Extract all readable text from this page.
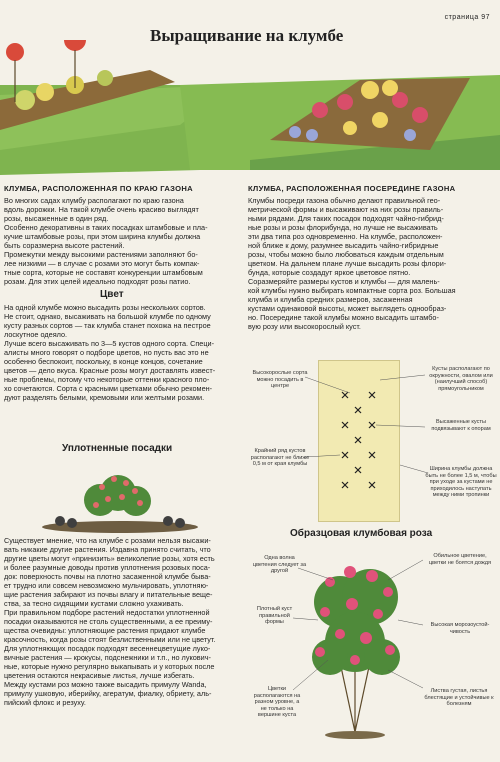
страница 97
Выращивание на клумбе
КЛУМБА, РАСПОЛОЖЕННАЯ ПО КРАЮ ГАЗОНА	КЛУМБА, РАСПОЛОЖЕННАЯ ПОСЕРЕДИНЕ ГАЗОНА

Во многих садах клумбу располагают по краю газона

вдоль дорожки. На такой клумбе очень красиво выглядят

розы, высаженные в один ряд.

Особенно декоративны в таких посадках штамбовые и пла-

кучие штамбовые розы, при этом ширина клумбы должна

быть соразмерна высоте растений.

Промежутки между высокими растениями заполняют бо-

лее низкими — в случае с розами это могут быть компак-

тные сорта, которые не составят конкуренции штамбовым

розам. Для этих целей идеально подходят розы патио.

Цвет

На одной клумбе можно высадить розы нескольких сортов.

Не стоит, однако, высаживать на большой клумбе по одному

кусту разных сортов — так клумба станет похожа на пестрое

лоскутное одеяло.

Лучше всего высаживать по 3—5 кустов одного сорта. Специ-

алисты много говорят о подборе цветов, но пусть вас это не

особенно беспокоит, поскольку, в конце концов, сочетание

цветов — дело вкуса. Красные розы могут доставлять извест-

ные проблемы, потому что некоторые оттенки красного пло-

хо сочетаются. Сорта с красными цветками обычно рекомен-

дуют разделять белыми, кремовыми или желтыми розами.

Уплотненные посадки

Существует мнение, что на клумбе с розами нельзя высажи-

вать никакие другие растения. Издавна принято считать, что

другие цветы могут «принизить» великолепие розы, хотя есть

и более разумные доводы против уплотнения розовых поса-

док: поверхность почвы на плотно засаженной клумбе быва-

ет трудно или совсем невозможно мульчировать, уплотняю-

щие растения забирают из почвы влагу и питательные веще-

ства, за тесно сидящими кустами сложно ухаживать.

При правильном подборе растений недостатки уплотненной

посадки оказываются не столь существенными, а ее преиму-

щества очевидны: уплотняющие растения придают клумбе

красочность, когда розы стоят безлиственными или не цветут.

Для уплотняющих посадок подходят весеннецветущие луко-

вичные растения — крокусы, подснежники и т.п., но лукович-

ные, которые нужно регулярно выкапывать и у которых после

цветения остаются некрасивые листья, лучше избегать.

Между кустами роз можно также высадить примулу Wanda,

примулу ушковую, иберийку, агератум, фиалку, обриету, аль-

пийский флокс и резуху.

Клумбы посреди газона обычно делают правильной гео-

метрической формы и высаживают на них розы правиль-

ными рядами. Для таких посадок подходят чайно-гибрид-

ные розы и розы флорибунда, но лучше не высаживать

эти два типа роз одновременно. На клумбе, расположен-

ной ближе к дому, разумнее высадить чайно-гибридные

розы, чтобы можно было любоваться каждым отдельным

цветком. На дальнем плане лучше высадить розы флори-

бунда, которые создадут яркое цветовое пятно.

Соразмеряйте размеры кустов и клумбы — для малень-

кой клумбы нужно выбирать компактные сорта роз. Большая

клумба и клумба средних размеров, засаженная

кустами одинаковой высоты, может выглядеть однообраз-

но. Посередине такой клумбы можно высадить штамбо-

вую розу или высокорослый куст.

Высокорослые сорта можно посадить в центре
Крайний ряд кустов располагают не ближе 0,5 м от края клумбы
Кусты располагают по окружности, овалом или (наилучший способ) прямоугольником
Высаженные кусты подвязывают к опорам
Ширина клумбы должна быть не более 1,5 м, чтобы при уходе за кустами не приходилось наступать между ними тропинки
Образцовая клумбовая роза
Одна волна цветения следует за другой
Плотный куст правильной формы
Цветки располагаются на разном уровне, а не только на вершине куста
Обильное цветение, цветки не боятся дождя
Высокая морозоустой-чивость
Листва густая, листья блестящие и устойчивые к болезням
